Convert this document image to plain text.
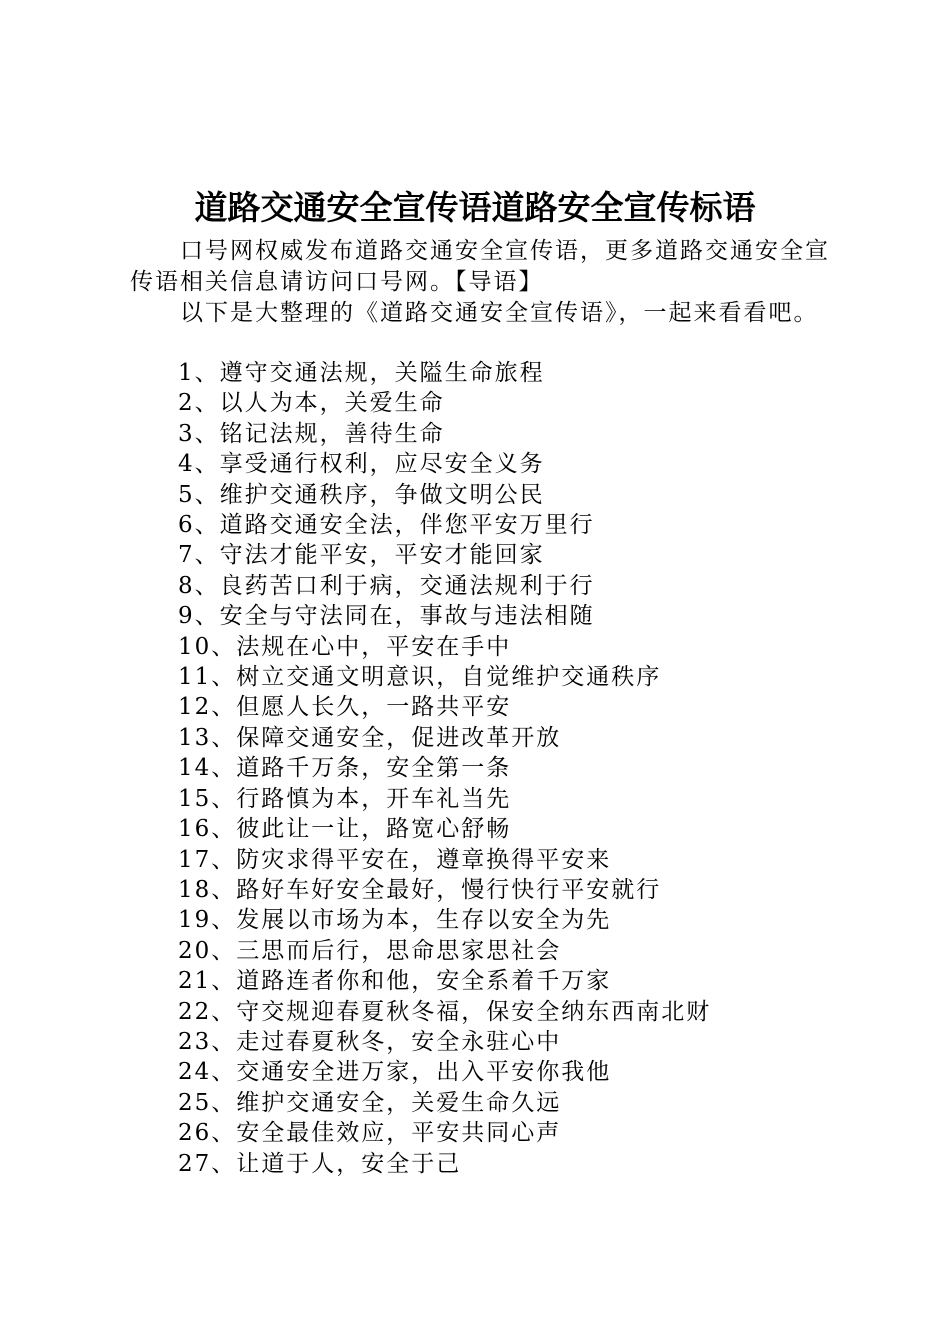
道路交通安全宣传语道路安全宣传标语

口号网权威发布道路交通安全宣传语，更多道路交通安全宣传语相关信息请访问口号网。【导语】

以下是大整理的《道路交通安全宣传语》，一起来看看吧。

1、遵守交通法规，关隘生命旅程
2、以人为本，关爱生命
3、铭记法规，善待生命
4、享受通行权利，应尽安全义务
5、维护交通秩序，争做文明公民
6、道路交通安全法，伴您平安万里行
7、守法才能平安，平安才能回家
8、良药苦口利于病，交通法规利于行
9、安全与守法同在，事故与违法相随
10、法规在心中，平安在手中
11、树立交通文明意识，自觉维护交通秩序
12、但愿人长久，一路共平安
13、保障交通安全，促进改革开放
14、道路千万条，安全第一条
15、行路慎为本，开车礼当先
16、彼此让一让，路宽心舒畅
17、防灾求得平安在，遵章换得平安来
18、路好车好安全最好，慢行快行平安就行
19、发展以市场为本，生存以安全为先
20、三思而后行，思命思家思社会
21、道路连者你和他，安全系着千万家
22、守交规迎春夏秋冬福，保安全纳东西南北财
23、走过春夏秋冬，安全永驻心中
24、交通安全进万家，出入平安你我他
25、维护交通安全，关爱生命久远
26、安全最佳效应，平安共同心声
27、让道于人，安全于己
